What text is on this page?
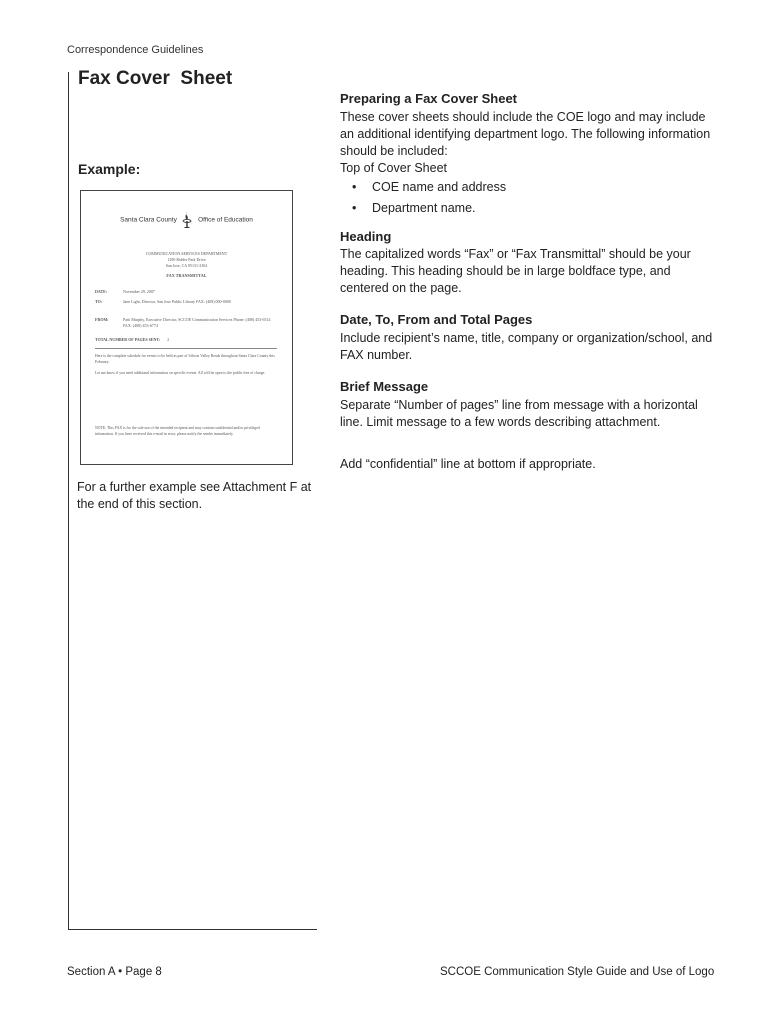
Correspondence Guidelines
Fax Cover  Sheet
Example:
Santa Clara County	Office of Education
COMMUNICATION SERVICES DEPARTMENT
1290 Ridder Park Drive
San Jose, CA 95131-2304
FAX TRANSMITTAL
DATE:	November 29, 2007
TO:	Jane Light, Director, San Jose Public Library FAX: (408) 000-0000
FROM:	Patti Murphy, Executive Director, SCCOE Communication Services Phone: (408) 453-6514 FAX: (408) 453-6774
TOTAL NUMBER OF PAGES SENT: 2
Here is the complete schedule for events to be held as part of Silicon Valley Reads throughout Santa Clara County this February.
Let me know if you need additional information on specific events. All will be open to the public free of charge.
NOTE: This FAX is for the sole use of the intended recipient and may contain confidential and/or privileged information. If you have received this e-mail in error, please notify the sender immediately.
For a further example see Attachment F at the end of this section.
Preparing a Fax Cover Sheet
These cover sheets should include the COE logo and may include an additional identifying department logo. The following information should be included:
Top of Cover Sheet
• COE name and address
• Department name.
Heading
The capitalized words “Fax” or “Fax Transmittal” should be your heading. This heading should be in large boldface type, and centered on the page.
Date, To, From and Total Pages
Include recipient’s name, title, company or organization/school, and FAX number.
Brief Message
Separate “Number of pages” line from message with a horizontal line. Limit message to a few words describing attachment.
Add “confidential” line at bottom if appropriate.
Section A • Page 8	SCCOE Communication Style Guide and Use of Logo
